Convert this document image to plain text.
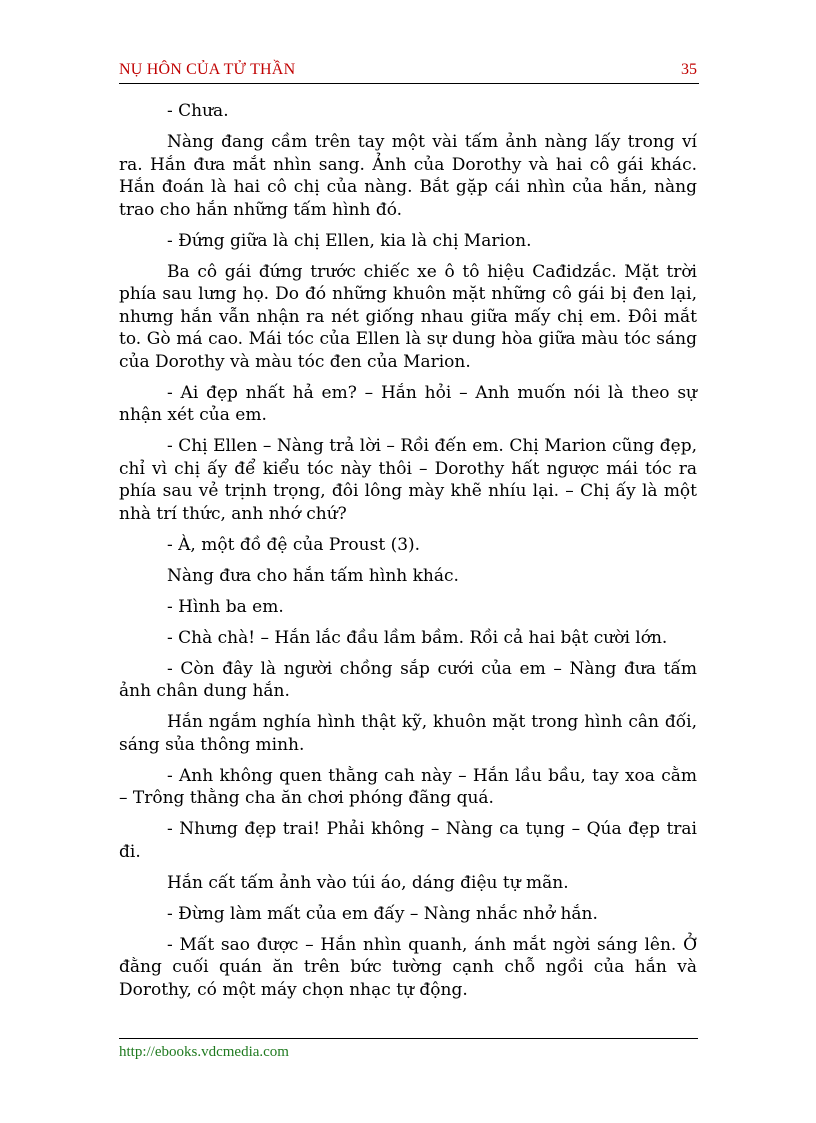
NỤ HÔN CỦA TỬ THẦN	35

- Chưa.

Nàng đang cầm trên tay một vài tấm ảnh nàng lấy trong ví ra. Hắn đưa mắt nhìn sang. Ảnh của Dorothy và hai cô gái khác. Hắn đoán là hai cô chị của nàng. Bắt gặp cái nhìn của hắn, nàng trao cho hắn những tấm hình đó.

- Đứng giữa là chị Ellen, kia là chị Marion.

Ba cô gái đứng trước chiếc xe ô tô hiệu Cađidzắc. Mặt trời phía sau lưng họ. Do đó những khuôn mặt những cô gái bị đen lại, nhưng hắn vẫn nhận ra nét giống nhau giữa mấy chị em. Đôi mắt to. Gò má cao. Mái tóc của Ellen là sự dung hòa giữa màu tóc sáng của Dorothy và màu tóc đen của Marion.

- Ai đẹp nhất hả em? – Hắn hỏi – Anh muốn nói là theo sự nhận xét của em.

- Chị Ellen – Nàng trả lời – Rồi đến em. Chị Marion cũng đẹp, chỉ vì chị ấy để kiểu tóc này thôi – Dorothy hất ngược mái tóc ra phía sau vẻ trịnh trọng, đôi lông mày khẽ nhíu lại. – Chị ấy là một nhà trí thức, anh nhớ chứ?

- À, một đồ đệ của Proust (3).

Nàng đưa cho hắn tấm hình khác.

- Hình ba em.

- Chà chà! – Hắn lắc đầu lầm bầm. Rồi cả hai bật cười lớn.

- Còn đây là người chồng sắp cưới của em – Nàng đưa tấm ảnh chân dung hắn.

Hắn ngắm nghía hình thật kỹ, khuôn mặt trong hình cân đối, sáng sủa thông minh.

- Anh không quen thằng cah này – Hắn lầu bầu, tay xoa cằm – Trông thằng cha ăn chơi phóng đãng quá.

- Nhưng đẹp trai! Phải không – Nàng ca tụng – Qúa đẹp trai đi.

Hắn cất tấm ảnh vào túi áo, dáng điệu tự mãn.

- Đừng làm mất của em đấy – Nàng nhắc nhở hắn.

- Mất sao được – Hắn nhìn quanh, ánh mắt ngời sáng lên. Ở đằng cuối quán ăn trên bức tường cạnh chỗ ngồi của hắn và Dorothy, có một máy chọn nhạc tự động.

http://ebooks.vdcmedia.com
